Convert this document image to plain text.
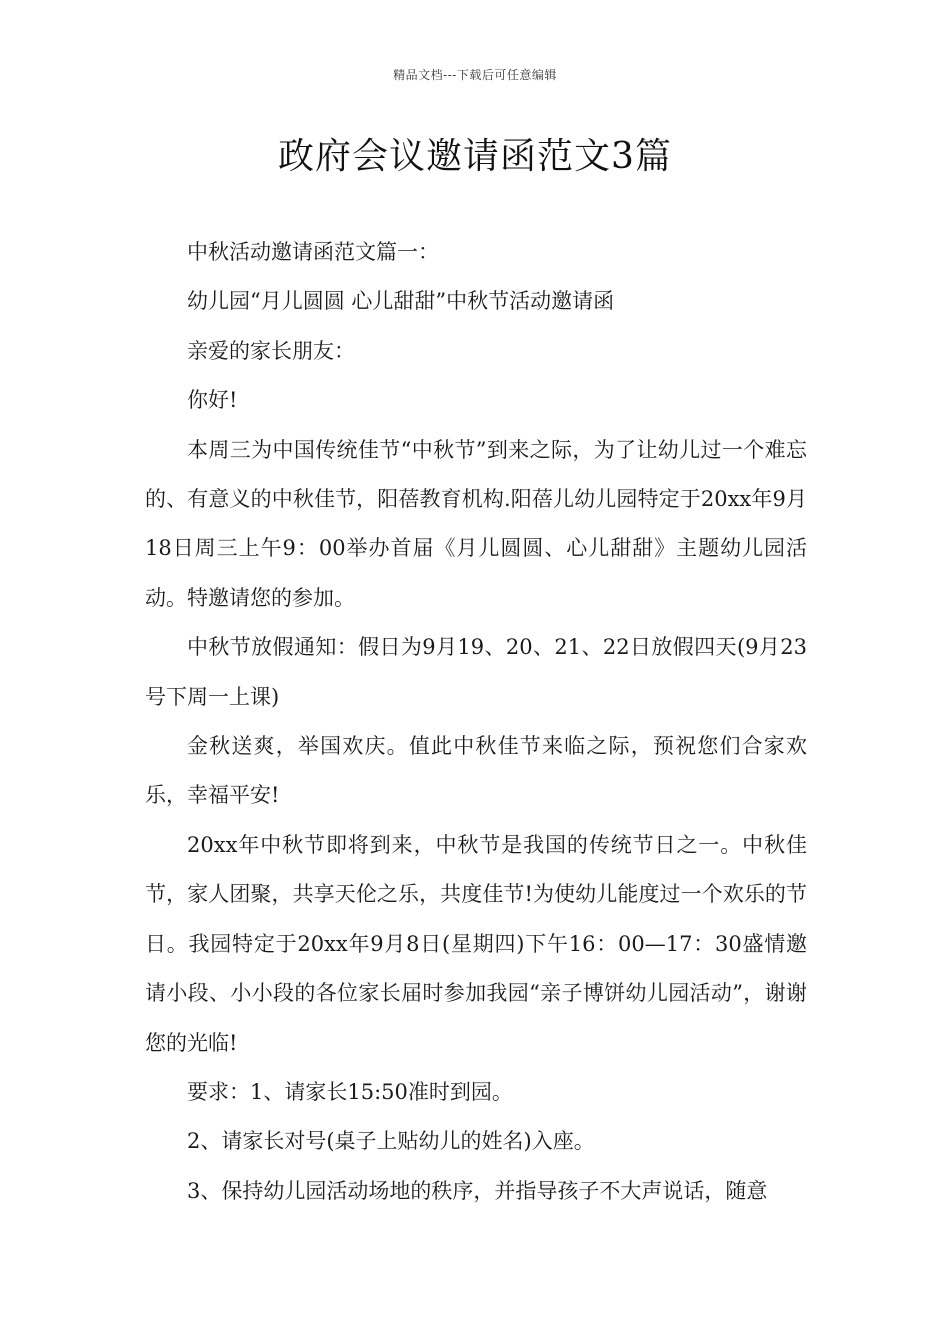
精品文档---下载后可任意编辑
政府会议邀请函范文3篇

中秋活动邀请函范文篇一：

幼儿园“月儿圆圆 心儿甜甜”中秋节活动邀请函

亲爱的家长朋友：

你好!

本周三为中国传统佳节“中秋节”到来之际，为了让幼儿过一个难忘的、有意义的中秋佳节，阳蓓教育机构.阳蓓儿幼儿园特定于20xx年9月18日周三上午9：00举办首届《月儿圆圆、心儿甜甜》主题幼儿园活动。特邀请您的参加。

中秋节放假通知：假日为9月19、20、21、22日放假四天(9月23号下周一上课)

金秋送爽，举国欢庆。值此中秋佳节来临之际，预祝您们合家欢乐，幸福平安!

20xx年中秋节即将到来，中秋节是我国的传统节日之一。中秋佳节，家人团聚，共享天伦之乐，共度佳节!为使幼儿能度过一个欢乐的节日。我园特定于20xx年9月8日(星期四)下午16：00—17：30盛情邀请小段、小小段的各位家长届时参加我园“亲子博饼幼儿园活动”，谢谢您的光临!

要求：1、请家长15:50准时到园。

2、请家长对号(桌子上贴幼儿的姓名)入座。

3、保持幼儿园活动场地的秩序，并指导孩子不大声说话，随意
